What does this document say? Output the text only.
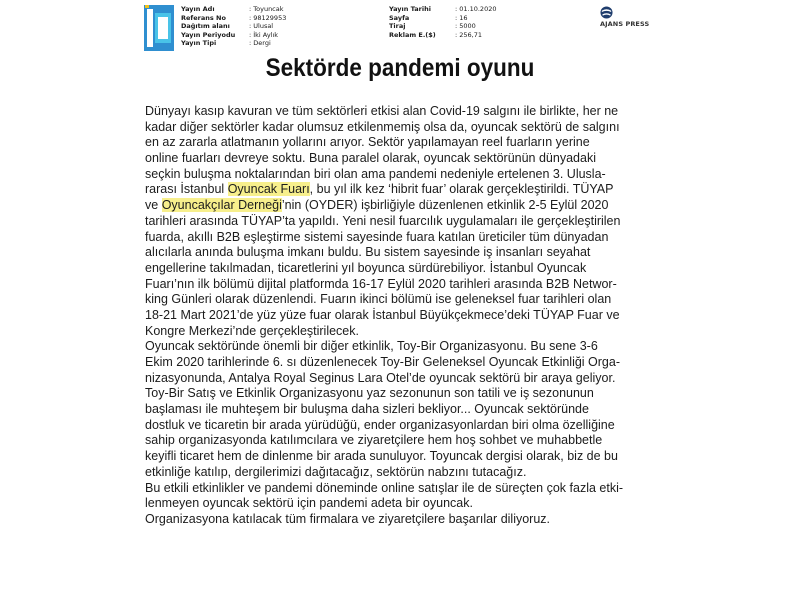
Yayın Adı	: Toyuncak
Referans No	: 98129953
Dağıtım alanı	: Ulusal
Yayın Periyodu	: İki Aylık
Yayın Tipi	: Dergi
Yayın Tarihi	: 01.10.2020
Sayfa	: 16
Tiraj	: 5000
Reklam E.($)	: 256,71
AJANS PRESS
Sektörde pandemi oyunu
Dünyayı kasıp kavuran ve tüm sektörleri etkisi alan Covid-19 salgını ile birlikte, her ne
kadar diğer sektörler kadar olumsuz etkilenmemiş olsa da, oyuncak sektörü de salgını
en az zararla atlatmanın yollarını arıyor. Sektör yapılamayan reel fuarların yerine
online fuarları devreye soktu. Buna paralel olarak, oyuncak sektörünün dünyadaki
seçkin buluşma noktalarından biri olan ama pandemi nedeniyle ertelenen 3. Ulusla-
rarası İstanbul Oyuncak Fuarı, bu yıl ilk kez ‘hibrit fuar’ olarak gerçekleştirildi. TÜYAP
ve Oyuncakçılar Derneği’nin (OYDER) işbirliğiyle düzenlenen etkinlik 2-5 Eylül 2020
tarihleri arasında TÜYAP’ta yapıldı. Yeni nesil fuarcılık uygulamaları ile gerçekleştirilen
fuarda, akıllı B2B eşleştirme sistemi sayesinde fuara katılan üreticiler tüm dünyadan
alıcılarla anında buluşma imkanı buldu. Bu sistem sayesinde iş insanları seyahat
engellerine takılmadan, ticaretlerini yıl boyunca sürdürebiliyor. İstanbul Oyuncak
Fuarı’nın ilk bölümü dijital platformda 16-17 Eylül 2020 tarihleri arasında B2B Networ-
king Günleri olarak düzenlendi. Fuarın ikinci bölümü ise geleneksel fuar tarihleri olan
18-21 Mart 2021’de yüz yüze fuar olarak İstanbul Büyükçekmece’deki TÜYAP Fuar ve
Kongre Merkezi’nde gerçekleştirilecek.
Oyuncak sektöründe önemli bir diğer etkinlik, Toy-Bir Organizasyonu. Bu sene 3-6
Ekim 2020 tarihlerinde 6. sı düzenlenecek Toy-Bir Geleneksel Oyuncak Etkinliği Orga-
nizasyonunda, Antalya Royal Seginus Lara Otel’de oyuncak sektörü bir araya geliyor.
Toy-Bir Satış ve Etkinlik Organizasyonu yaz sezonunun son tatili ve iş sezonunun
başlaması ile muhteşem bir buluşma daha sizleri bekliyor... Oyuncak sektöründe
dostluk ve ticaretin bir arada yürüdüğü, ender organizasyonlardan biri olma özelliğine
sahip organizasyonda katılımcılara ve ziyaretçilere hem hoş sohbet ve muhabbetle
keyifli ticaret hem de dinlenme bir arada sunuluyor. Toyuncak dergisi olarak, biz de bu
etkinliğe katılıp, dergilerimizi dağıtacağız, sektörün nabzını tutacağız.
Bu etkili etkinlikler ve pandemi döneminde online satışlar ile de süreçten çok fazla etki-
lenmeyen oyuncak sektörü için pandemi adeta bir oyuncak.
Organizasyona katılacak tüm firmalara ve ziyaretçilere başarılar diliyoruz.
